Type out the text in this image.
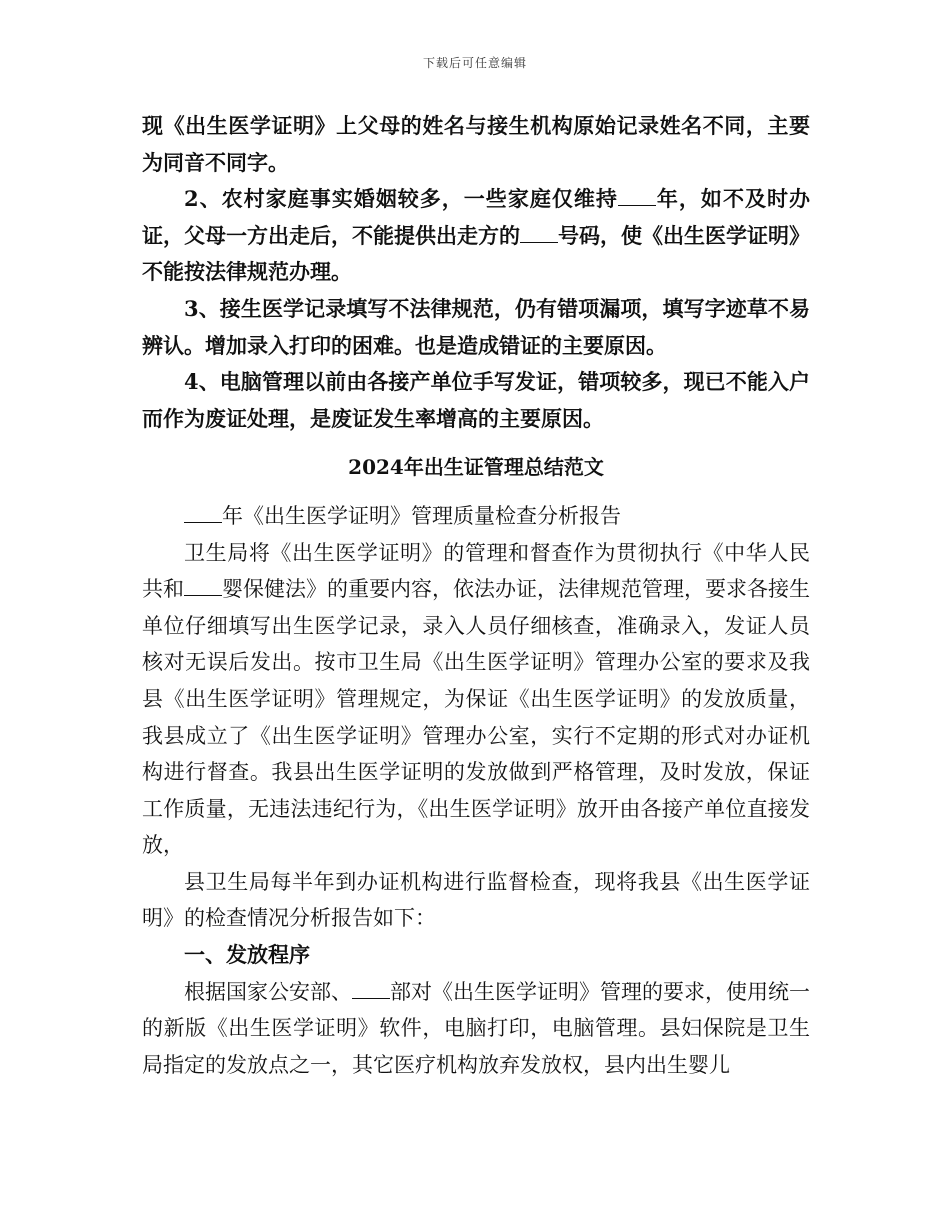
下载后可任意编辑

现《出生医学证明》上父母的姓名与接生机构原始记录姓名不同，主要为同音不同字。

2、农村家庭事实婚姻较多，一些家庭仅维持 年，如不及时办证，父母一方出走后，不能提供出走方的 号码，使《出生医学证明》不能按法律规范办理。

3、接生医学记录填写不法律规范，仍有错项漏项，填写字迹草不易辨认。增加录入打印的困难。也是造成错证的主要原因。

4、电脑管理以前由各接产单位手写发证，错项较多，现已不能入户而作为废证处理，是废证发生率增高的主要原因。

2024年出生证管理总结范文

年《出生医学证明》管理质量检查分析报告

卫生局将《出生医学证明》的管理和督查作为贯彻执行《中华人民共和 婴保健法》的重要内容，依法办证，法律规范管理，要求各接生单位仔细填写出生医学记录，录入人员仔细核查，准确录入，发证人员核对无误后发出。按市卫生局《出生医学证明》管理办公室的要求及我县《出生医学证明》管理规定，为保证《出生医学证明》的发放质量，我县成立了《出生医学证明》管理办公室，实行不定期的形式对办证机构进行督查。我县出生医学证明的发放做到严格管理，及时发放，保证工作质量，无违法违纪行为，《出生医学证明》放开由各接产单位直接发放，

县卫生局每半年到办证机构进行监督检查，现将我县《出生医学证明》的检查情况分析报告如下：

一、发放程序

根据国家公安部、 部对《出生医学证明》管理的要求，使用统一的新版《出生医学证明》软件，电脑打印，电脑管理。县妇保院是卫生局指定的发放点之一，其它医疗机构放弃发放权，县内出生婴儿
